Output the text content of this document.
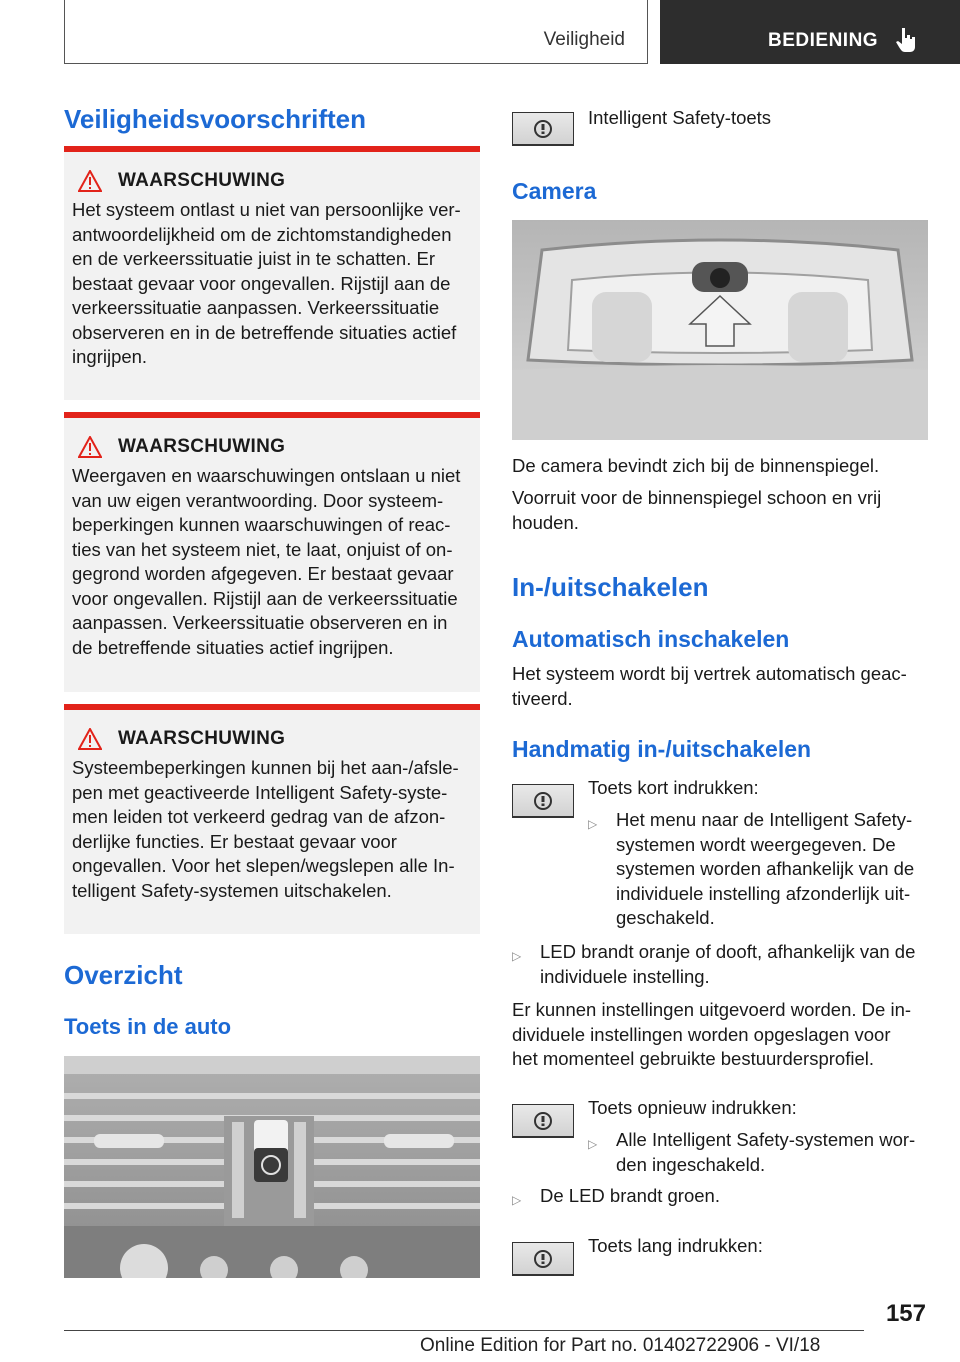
Veiligheid	BEDIENING
Veiligheidsvoorschriften
WAARSCHUWING
Het systeem ontlast u niet van persoonlijke ver-
antwoordelijkheid om de zichtomstandigheden
en de verkeerssituatie juist in te schatten. Er
bestaat gevaar voor ongevallen. Rijstijl aan de
verkeerssituatie aanpassen. Verkeerssituatie
observeren en in de betreffende situaties actief
ingrijpen.
WAARSCHUWING
Weergaven en waarschuwingen ontslaan u niet
van uw eigen verantwoording. Door systeem-
beperkingen kunnen waarschuwingen of reac-
ties van het systeem niet, te laat, onjuist of on-
gegrond worden afgegeven. Er bestaat gevaar
voor ongevallen. Rijstijl aan de verkeerssituatie
aanpassen. Verkeerssituatie observeren en in
de betreffende situaties actief ingrijpen.
WAARSCHUWING
Systeembeperkingen kunnen bij het aan-/afsle-
pen met geactiveerde Intelligent Safety-syste-
men leiden tot verkeerd gedrag van de afzon-
derlijke functies. Er bestaat gevaar voor
ongevallen. Voor het slepen/wegslepen alle In-
telligent Safety-systemen uitschakelen.
Overzicht
Toets in de auto
Intelligent Safety-toets
Camera
De camera bevindt zich bij de binnenspiegel.
Voorruit voor de binnenspiegel schoon en vrij
houden.
In-/uitschakelen
Automatisch inschakelen
Het systeem wordt bij vertrek automatisch geac-
tiveerd.
Handmatig in-/uitschakelen
Toets kort indrukken:
▷	Het menu naar de Intelligent Safety-
systemen wordt weergegeven. De
systemen worden afhankelijk van de
individuele instelling afzonderlijk uit-
geschakeld.
▷	LED brandt oranje of dooft, afhankelijk van de
individuele instelling.
Er kunnen instellingen uitgevoerd worden. De in-
dividuele instellingen worden opgeslagen voor
het momenteel gebruikte bestuurdersprofiel.
Toets opnieuw indrukken:
▷	Alle Intelligent Safety-systemen wor-
den ingeschakeld.
▷	De LED brandt groen.
Toets lang indrukken:
157
Online Edition for Part no. 01402722906 - VI/18
